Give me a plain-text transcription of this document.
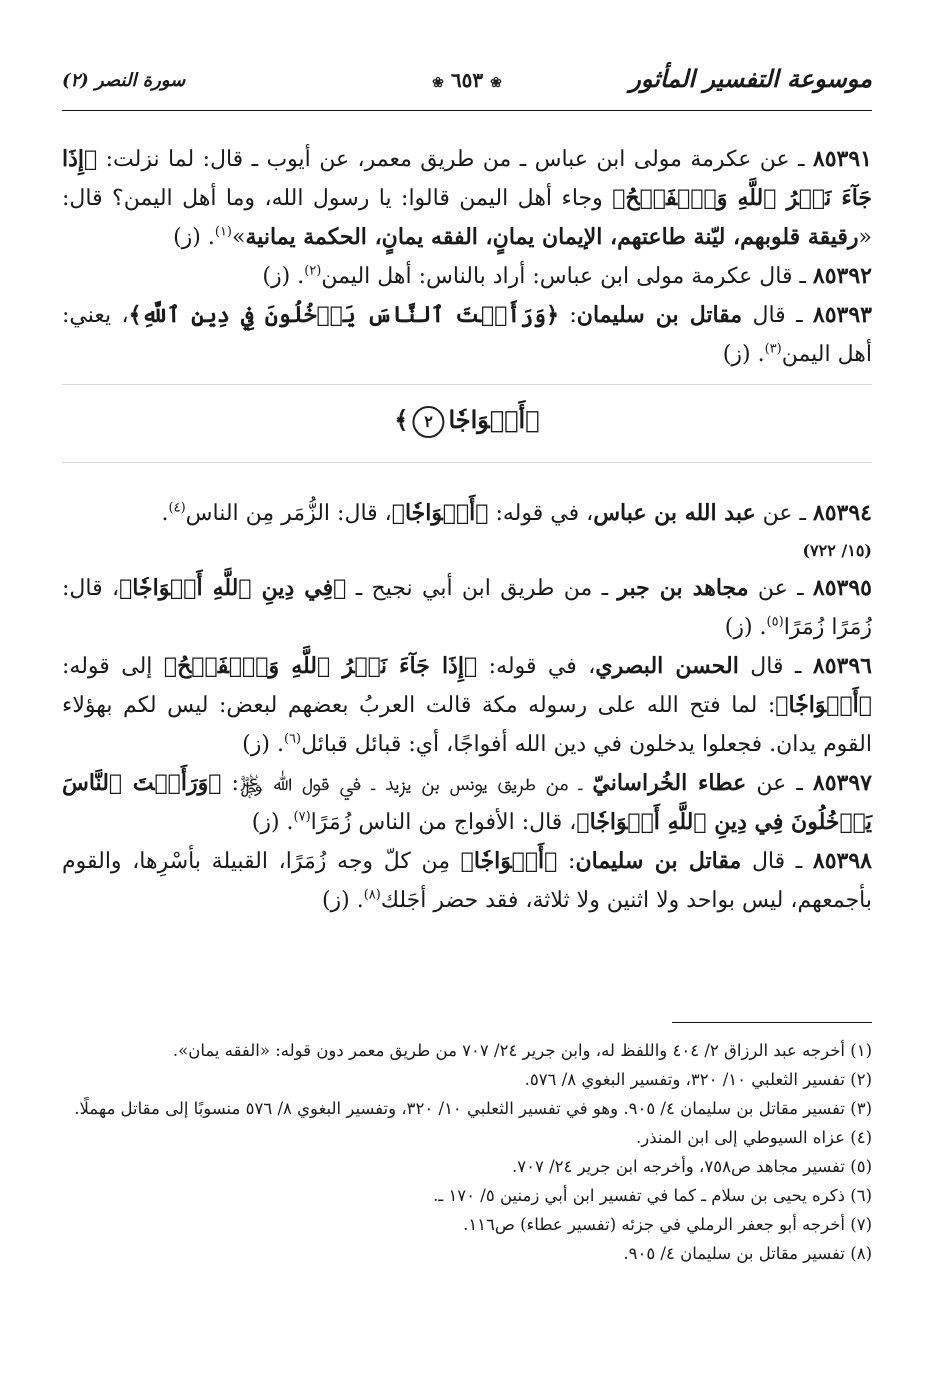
موسوعة التفسير المأثور
❀ ٦٥٣ ❀
سورة النصر (٢)

٨٥٣٩١ ـ عن عكرمة مولى ابن عباس ـ من طريق معمر، عن أيوب ـ قال: لما نزلت: ﴿إِذَا جَآءَ نَصۡرُ ٱللَّهِ وَٱلۡفَتۡحُ﴾ وجاء أهل اليمن قالوا: يا رسول الله، وما أهل اليمن؟ قال: «رقيقة قلوبهم، ليّنة طاعتهم، الإيمان يمانٍ، الفقه يمانٍ، الحكمة يمانية»$^{(١)}$. (ز)

٨٥٣٩٢ ـ قال عكرمة مولى ابن عباس: أراد بالناس: أهل اليمن$^{(٢)}$. (ز)

٨٥٣٩٣ ـ قال مقاتل بن سليمان: ﴿وَرَأَيۡتَ ٱلنَّاسَ يَدۡخُلُونَ فِي دِينِ ٱللَّهِ﴾، يعني: أهل اليمن$^{(٣)}$. (ز)

﴿أَفۡوَاجٗا٢﴾

٨٥٣٩٤ ـ عن عبد الله بن عباس، في قوله: ﴿أَفۡوَاجٗا﴾، قال: الزُّمَر مِن الناس$^{(٤)}$.

(١٥/ ٧٢٢)

٨٥٣٩٥ ـ عن مجاهد بن جبر ـ من طريق ابن أبي نجيح ـ ﴿فِي دِينِ ٱللَّهِ أَفۡوَاجٗا﴾، قال: زُمَرًا زُمَرًا$^{(٥)}$. (ز)

٨٥٣٩٦ ـ قال الحسن البصري، في قوله: ﴿إِذَا جَآءَ نَصۡرُ ٱللَّهِ وَٱلۡفَتۡحُ﴾ إلى قوله: ﴿أَفۡوَاجٗا﴾: لما فتح الله على رسوله مكة قالت العربُ بعضهم لبعض: ليس لكم بهؤلاء القوم يدان. فجعلوا يدخلون في دين الله أفواجًا، أي: قبائل قبائل$^{(٦)}$. (ز)

٨٥٣٩٧ ـ عن عطاء الخُراسانيّ ـ من طريق يونس بن يزيد ـ في قول الله ﷿: ﴿وَرَأَيۡتَ ٱلنَّاسَ يَدۡخُلُونَ فِي دِينِ ٱللَّهِ أَفۡوَاجٗا﴾، قال: الأفواج من الناس زُمَرًا$^{(٧)}$. (ز)

٨٥٣٩٨ ـ قال مقاتل بن سليمان: ﴿أَفۡوَاجٗا﴾ مِن كلّ وجه زُمَرًا، القبيلة بأسْرِها، والقوم بأجمعهم، ليس بواحد ولا اثنين ولا ثلاثة، فقد حضر أجَلك$^{(٨)}$. (ز)

(١) أخرجه عبد الرزاق ٢/ ٤٠٤ واللفظ له، وابن جرير ٢٤/ ٧٠٧ من طريق معمر دون قوله: «الفقه يمان».

(٢) تفسير الثعلبي ١٠/ ٣٢٠، وتفسير البغوي ٨/ ٥٧٦.

(٣) تفسير مقاتل بن سليمان ٤/ ٩٠٥. وهو في تفسير الثعلبي ١٠/ ٣٢٠، وتفسير البغوي ٨/ ٥٧٦ منسوبًا إلى مقاتل مهملًا.

(٤) عزاه السيوطي إلى ابن المنذر.

(٥) تفسير مجاهد ص٧٥٨، وأخرجه ابن جرير ٢٤/ ٧٠٧.

(٦) ذكره يحيى بن سلام ـ كما في تفسير ابن أبي زمنين ٥/ ١٧٠ ـ.

(٧) أخرجه أبو جعفر الرملي في جزئه (تفسير عطاء) ص١١٦.

(٨) تفسير مقاتل بن سليمان ٤/ ٩٠٥.
